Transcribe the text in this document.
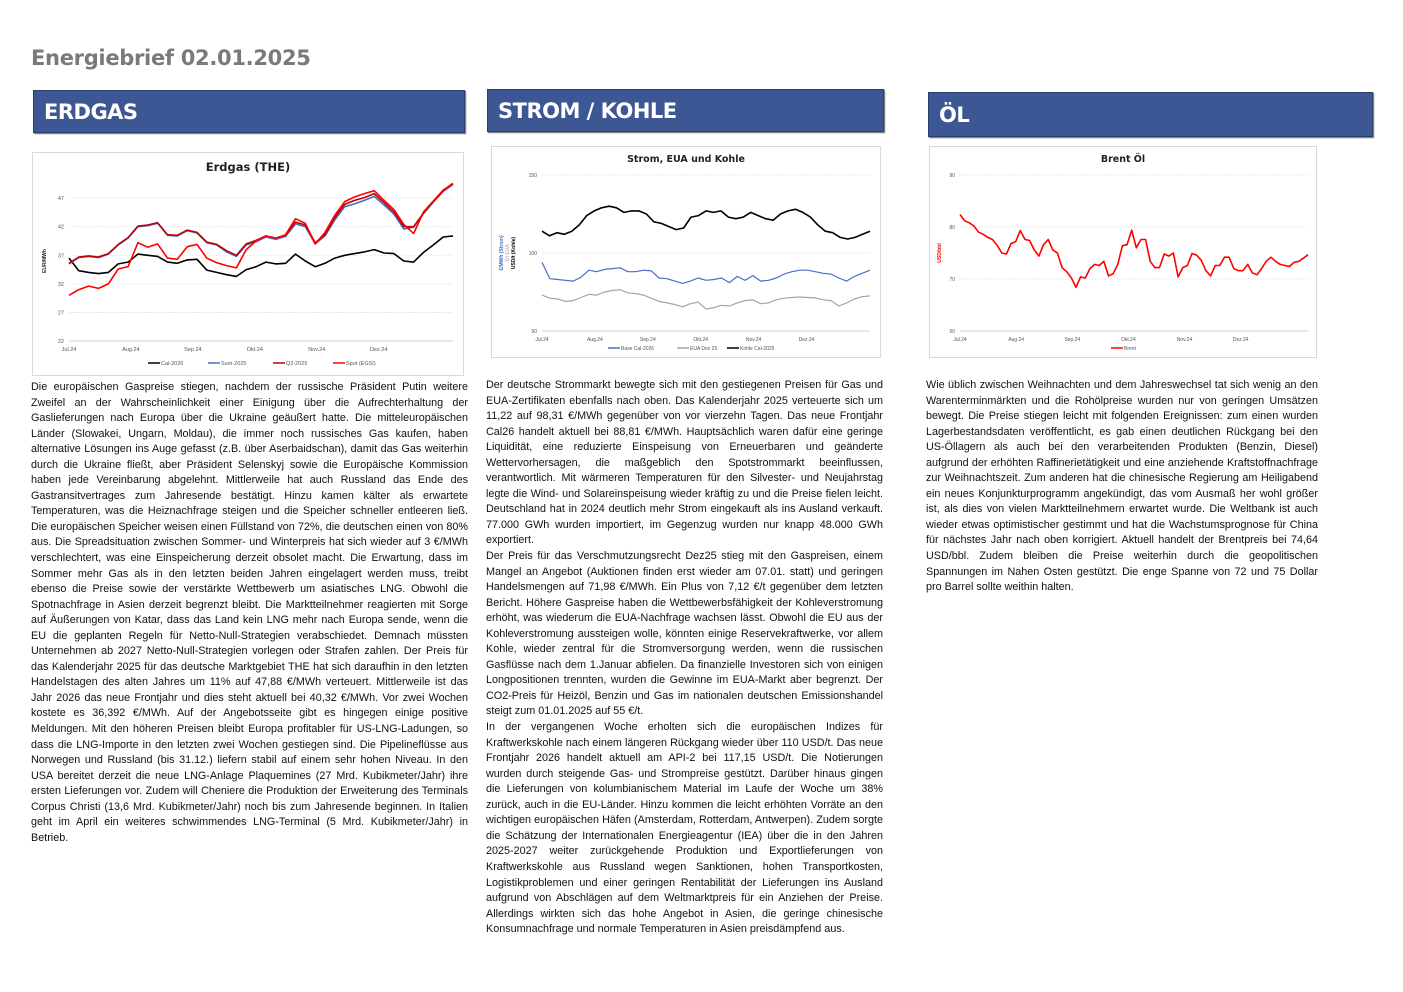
Energiebrief 02.01.2025
ERDGAS	STROM / KOHLE	ÖL
Erdgas (THE)
22
27
32
37
42
47
Jul.24	Aug.24	Sep.24	Okt.24	Nov.24	Dez.24
EUR/MWh
Cal-2026	Sum-2025	Q2-2025	Spot (EGSI)
Strom, EUA und Kohle
50
100
150
Jul.24	Aug.24	Sep.24	Okt.24	Nov.24	Dez.24
€/MWh (Strom) €/t EUA USD/t (Kohle)
Base Cal-2026	EUA Dez 25	Kohle Cal-2025
Brent Öl
60
70
80
90
Jul.24	Aug.24	Sep.24	Okt.24	Nov.24	Dez.24
USD/bbl
Brent

Die europäischen Gaspreise stiegen, nachdem der russische Präsident Putin weitere Zweifel an der Wahrscheinlichkeit einer Einigung über die Aufrechterhaltung der Gaslieferungen nach Europa über die Ukraine geäußert hatte. Die mitteleuropäischen Länder (Slowakei, Ungarn, Moldau), die immer noch russisches Gas kaufen, haben alternative Lösungen ins Auge gefasst (z.B. über Aserbaidschan), damit das Gas weiterhin durch die Ukraine fließt, aber Präsident Selenskyj sowie die Europäische Kommission haben jede Vereinbarung abgelehnt. Mittlerweile hat auch Russland das Ende des Gastransitvertrages zum Jahresende bestätigt. Hinzu kamen kälter als erwartete Temperaturen, was die Heiznachfrage steigen und die Speicher schneller entleeren ließ. Die europäischen Speicher weisen einen Füllstand von 72%, die deutschen einen von 80% aus. Die Spreadsituation zwischen Sommer- und Winterpreis hat sich wieder auf 3 €/MWh verschlechtert, was eine Einspeicherung derzeit obsolet macht. Die Erwartung, dass im Sommer mehr Gas als in den letzten beiden Jahren eingelagert werden muss, treibt ebenso die Preise sowie der verstärkte Wettbewerb um asiatisches LNG. Obwohl die Spotnachfrage in Asien derzeit begrenzt bleibt. Die Marktteilnehmer reagierten mit Sorge auf Äußerungen von Katar, dass das Land kein LNG mehr nach Europa sende, wenn die EU die geplanten Regeln für Netto-Null-Strategien verabschiedet. Demnach müssten Unternehmen ab 2027 Netto-Null-Strategien vorlegen oder Strafen zahlen. Der Preis für das Kalenderjahr 2025 für das deutsche Marktgebiet THE hat sich daraufhin in den letzten Handelstagen des alten Jahres um 11% auf 47,88 €/MWh verteuert. Mittlerweile ist das Jahr 2026 das neue Frontjahr und dies steht aktuell bei 40,32 €/MWh. Vor zwei Wochen kostete es 36,392 €/MWh. Auf der Angebotsseite gibt es hingegen einige positive Meldungen. Mit den höheren Preisen bleibt Europa profitabler für US-LNG-Ladungen, so dass die LNG-Importe in den letzten zwei Wochen gestiegen sind. Die Pipelineflüsse aus Norwegen und Russland (bis 31.12.) liefern stabil auf einem sehr hohen Niveau. In den USA bereitet derzeit die neue LNG-Anlage Plaquemines (27 Mrd. Kubikmeter/Jahr) ihre ersten Lieferungen vor. Zudem will Cheniere die Produktion der Erweiterung des Terminals Corpus Christi (13,6 Mrd. Kubikmeter/Jahr) noch bis zum Jahresende beginnen. In Italien geht im April ein weiteres schwimmendes LNG-Terminal (5 Mrd. Kubikmeter/Jahr) in Betrieb.

Der deutsche Strommarkt bewegte sich mit den gestiegenen Preisen für Gas und EUA-Zertifikaten ebenfalls nach oben. Das Kalenderjahr 2025 verteuerte sich um 11,22 auf 98,31 €/MWh gegenüber von vor vierzehn Tagen. Das neue Frontjahr Cal26 handelt aktuell bei 88,81 €/MWh. Hauptsächlich waren dafür eine geringe Liquidität, eine reduzierte Einspeisung von Erneuerbaren und geänderte Wettervorhersagen, die maßgeblich den Spotstrommarkt beeinflussen, verantwortlich. Mit wärmeren Temperaturen für den Silvester- und Neujahrstag legte die Wind- und Solareinspeisung wieder kräftig zu und die Preise fielen leicht. Deutschland hat in 2024 deutlich mehr Strom eingekauft als ins Ausland verkauft. 77.000 GWh wurden importiert, im Gegenzug wurden nur knapp 48.000 GWh exportiert.

Der Preis für das Verschmutzungsrecht Dez25 stieg mit den Gaspreisen, einem Mangel an Angebot (Auktionen finden erst wieder am 07.01. statt) und geringen Handelsmengen auf 71,98 €/MWh. Ein Plus von 7,12 €/t gegenüber dem letzten Bericht. Höhere Gaspreise haben die Wettbewerbsfähigkeit der Kohleverstromung erhöht, was wiederum die EUA-Nachfrage wachsen lässt. Obwohl die EU aus der Kohleverstromung aussteigen wolle, könnten einige Reservekraftwerke, vor allem Kohle, wieder zentral für die Stromversorgung werden, wenn die russischen Gasflüsse nach dem 1.Januar abfielen. Da finanzielle Investoren sich von einigen Longpositionen trennten, wurden die Gewinne im EUA-Markt aber begrenzt. Der CO2-Preis für Heizöl, Benzin und Gas im nationalen deutschen Emissionshandel steigt zum 01.01.2025 auf 55 €/t.

In der vergangenen Woche erholten sich die europäischen Indizes für Kraftwerkskohle nach einem längeren Rückgang wieder über 110 USD/t. Das neue Frontjahr 2026 handelt aktuell am API-2 bei 117,15 USD/t. Die Notierungen wurden durch steigende Gas- und Strompreise gestützt. Darüber hinaus gingen die Lieferungen von kolumbianischem Material im Laufe der Woche um 38% zurück, auch in die EU-Länder. Hinzu kommen die leicht erhöhten Vorräte an den wichtigen europäischen Häfen (Amsterdam, Rotterdam, Antwerpen). Zudem sorgte die Schätzung der Internationalen Energieagentur (IEA) über die in den Jahren 2025-2027 weiter zurückgehende Produktion und Exportlieferungen von Kraftwerkskohle aus Russland wegen Sanktionen, hohen Transportkosten, Logistikproblemen und einer geringen Rentabilität der Lieferungen ins Ausland aufgrund von Abschlägen auf dem Weltmarktpreis für ein Anziehen der Preise. Allerdings wirkten sich das hohe Angebot in Asien, die geringe chinesische Konsumnachfrage und normale Temperaturen in Asien preisdämpfend aus.

Wie üblich zwischen Weihnachten und dem Jahreswechsel tat sich wenig an den Warenterminmärkten und die Rohölpreise wurden nur von geringen Umsätzen bewegt. Die Preise stiegen leicht mit folgenden Ereignissen: zum einen wurden Lagerbestandsdaten veröffentlicht, es gab einen deutlichen Rückgang bei den US-Öllagern als auch bei den verarbeitenden Produkten (Benzin, Diesel) aufgrund der erhöhten Raffinerietätigkeit und eine anziehende Kraftstoffnachfrage zur Weihnachtszeit. Zum anderen hat die chinesische Regierung am Heiligabend ein neues Konjunkturprogramm angekündigt, das vom Ausmaß her wohl größer ist, als dies von vielen Marktteilnehmern erwartet wurde. Die Weltbank ist auch wieder etwas optimistischer gestimmt und hat die Wachstumsprognose für China für nächstes Jahr nach oben korrigiert. Aktuell handelt der Brentpreis bei 74,64 USD/bbl. Zudem bleiben die Preise weiterhin durch die geopolitischen Spannungen im Nahen Osten gestützt. Die enge Spanne von 72 und 75 Dollar pro Barrel sollte weithin halten.
